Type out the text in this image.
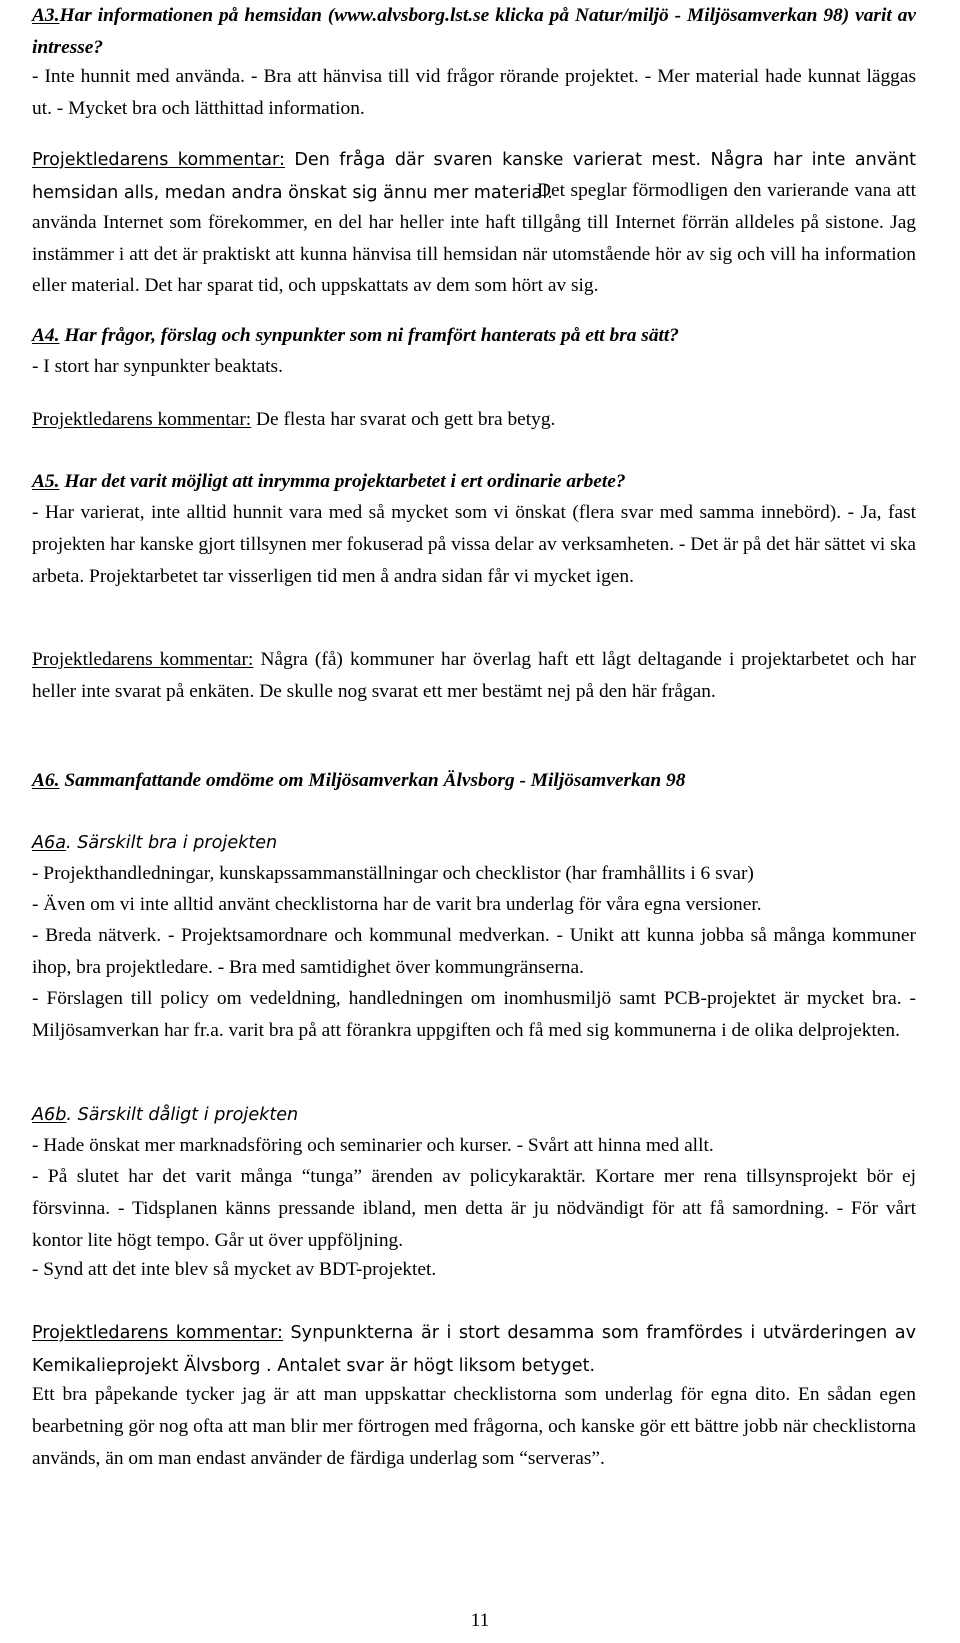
A3.Har informationen på hemsidan (www.alvsborg.lst.se klicka på Natur/miljö - Miljösamverkan 98) varit av intresse?

- Inte hunnit med använda. - Bra att hänvisa till vid frågor rörande projektet. - Mer material hade kunnat läggas ut. - Mycket bra och lätthittad information.

Projektledarens kommentar: Den fråga där svaren kanske varierat mest. Några har inte använt hemsidan alls, medan andra önskat sig ännu mer material.

Det speglar förmodligen den varierande vana att använda Internet som förekommer, en del har heller inte haft tillgång till Internet förrän alldeles på sistone. Jag instämmer i att det är praktiskt att kunna hänvisa till hemsidan när utomstående hör av sig och vill ha information eller material. Det har sparat tid, och uppskattats av dem som hört av sig.

A4. Har frågor, förslag och synpunkter som ni framfört hanterats på ett bra sätt?

- I stort har synpunkter beaktats.

Projektledarens kommentar: De flesta har svarat och gett bra betyg.

A5. Har det varit möjligt att inrymma projektarbetet i ert ordinarie arbete?

- Har varierat, inte alltid hunnit vara med så mycket som vi önskat (flera svar med samma innebörd). - Ja, fast projekten har kanske gjort tillsynen mer fokuserad på vissa delar av verksamheten. - Det är på det här sättet vi ska arbeta. Projektarbetet tar visserligen tid men å andra sidan får vi mycket igen.

Projektledarens kommentar: Några (få) kommuner har överlag haft ett lågt deltagande i projektarbetet och har heller inte svarat på enkäten. De skulle nog svarat ett mer bestämt nej på den här frågan.

A6. Sammanfattande omdöme om Miljösamverkan Älvsborg - Miljösamverkan 98

A6a. Särskilt bra i projekten

- Projekthandledningar, kunskapssammanställningar och checklistor (har framhållits i 6 svar)

- Även om vi inte alltid använt checklistorna har de varit bra underlag för våra egna versioner.

- Breda nätverk. - Projektsamordnare och kommunal medverkan. - Unikt att kunna jobba så många kommuner ihop, bra projektledare. - Bra med samtidighet över kommungränserna.

- Förslagen till policy om vedeldning, handledningen om inomhusmiljö samt PCB-projektet är mycket bra. - Miljösamverkan har fr.a. varit bra på att förankra uppgiften och få med sig kommunerna i de olika delprojekten.

A6b. Särskilt dåligt i projekten

- Hade önskat mer marknadsföring och seminarier och kurser. - Svårt att hinna med allt.

- På slutet har det varit många “tunga” ärenden av policykaraktär. Kortare mer rena tillsynsprojekt bör ej försvinna. - Tidsplanen känns pressande ibland, men detta är ju nödvändigt för att få samordning. - För vårt kontor lite högt tempo. Går ut över uppföljning.

- Synd att det inte blev så mycket av BDT-projektet.

Projektledarens kommentar: Synpunkterna är i stort desamma som framfördes i utvärderingen av Kemikalieprojekt Älvsborg . Antalet svar är högt liksom betyget.

Ett bra påpekande tycker jag är att man uppskattar checklistorna som underlag för egna dito. En sådan egen bearbetning gör nog ofta att man blir mer förtrogen med frågorna, och kanske gör ett bättre jobb när checklistorna används, än om man endast använder de färdiga underlag som “serveras”.

11
